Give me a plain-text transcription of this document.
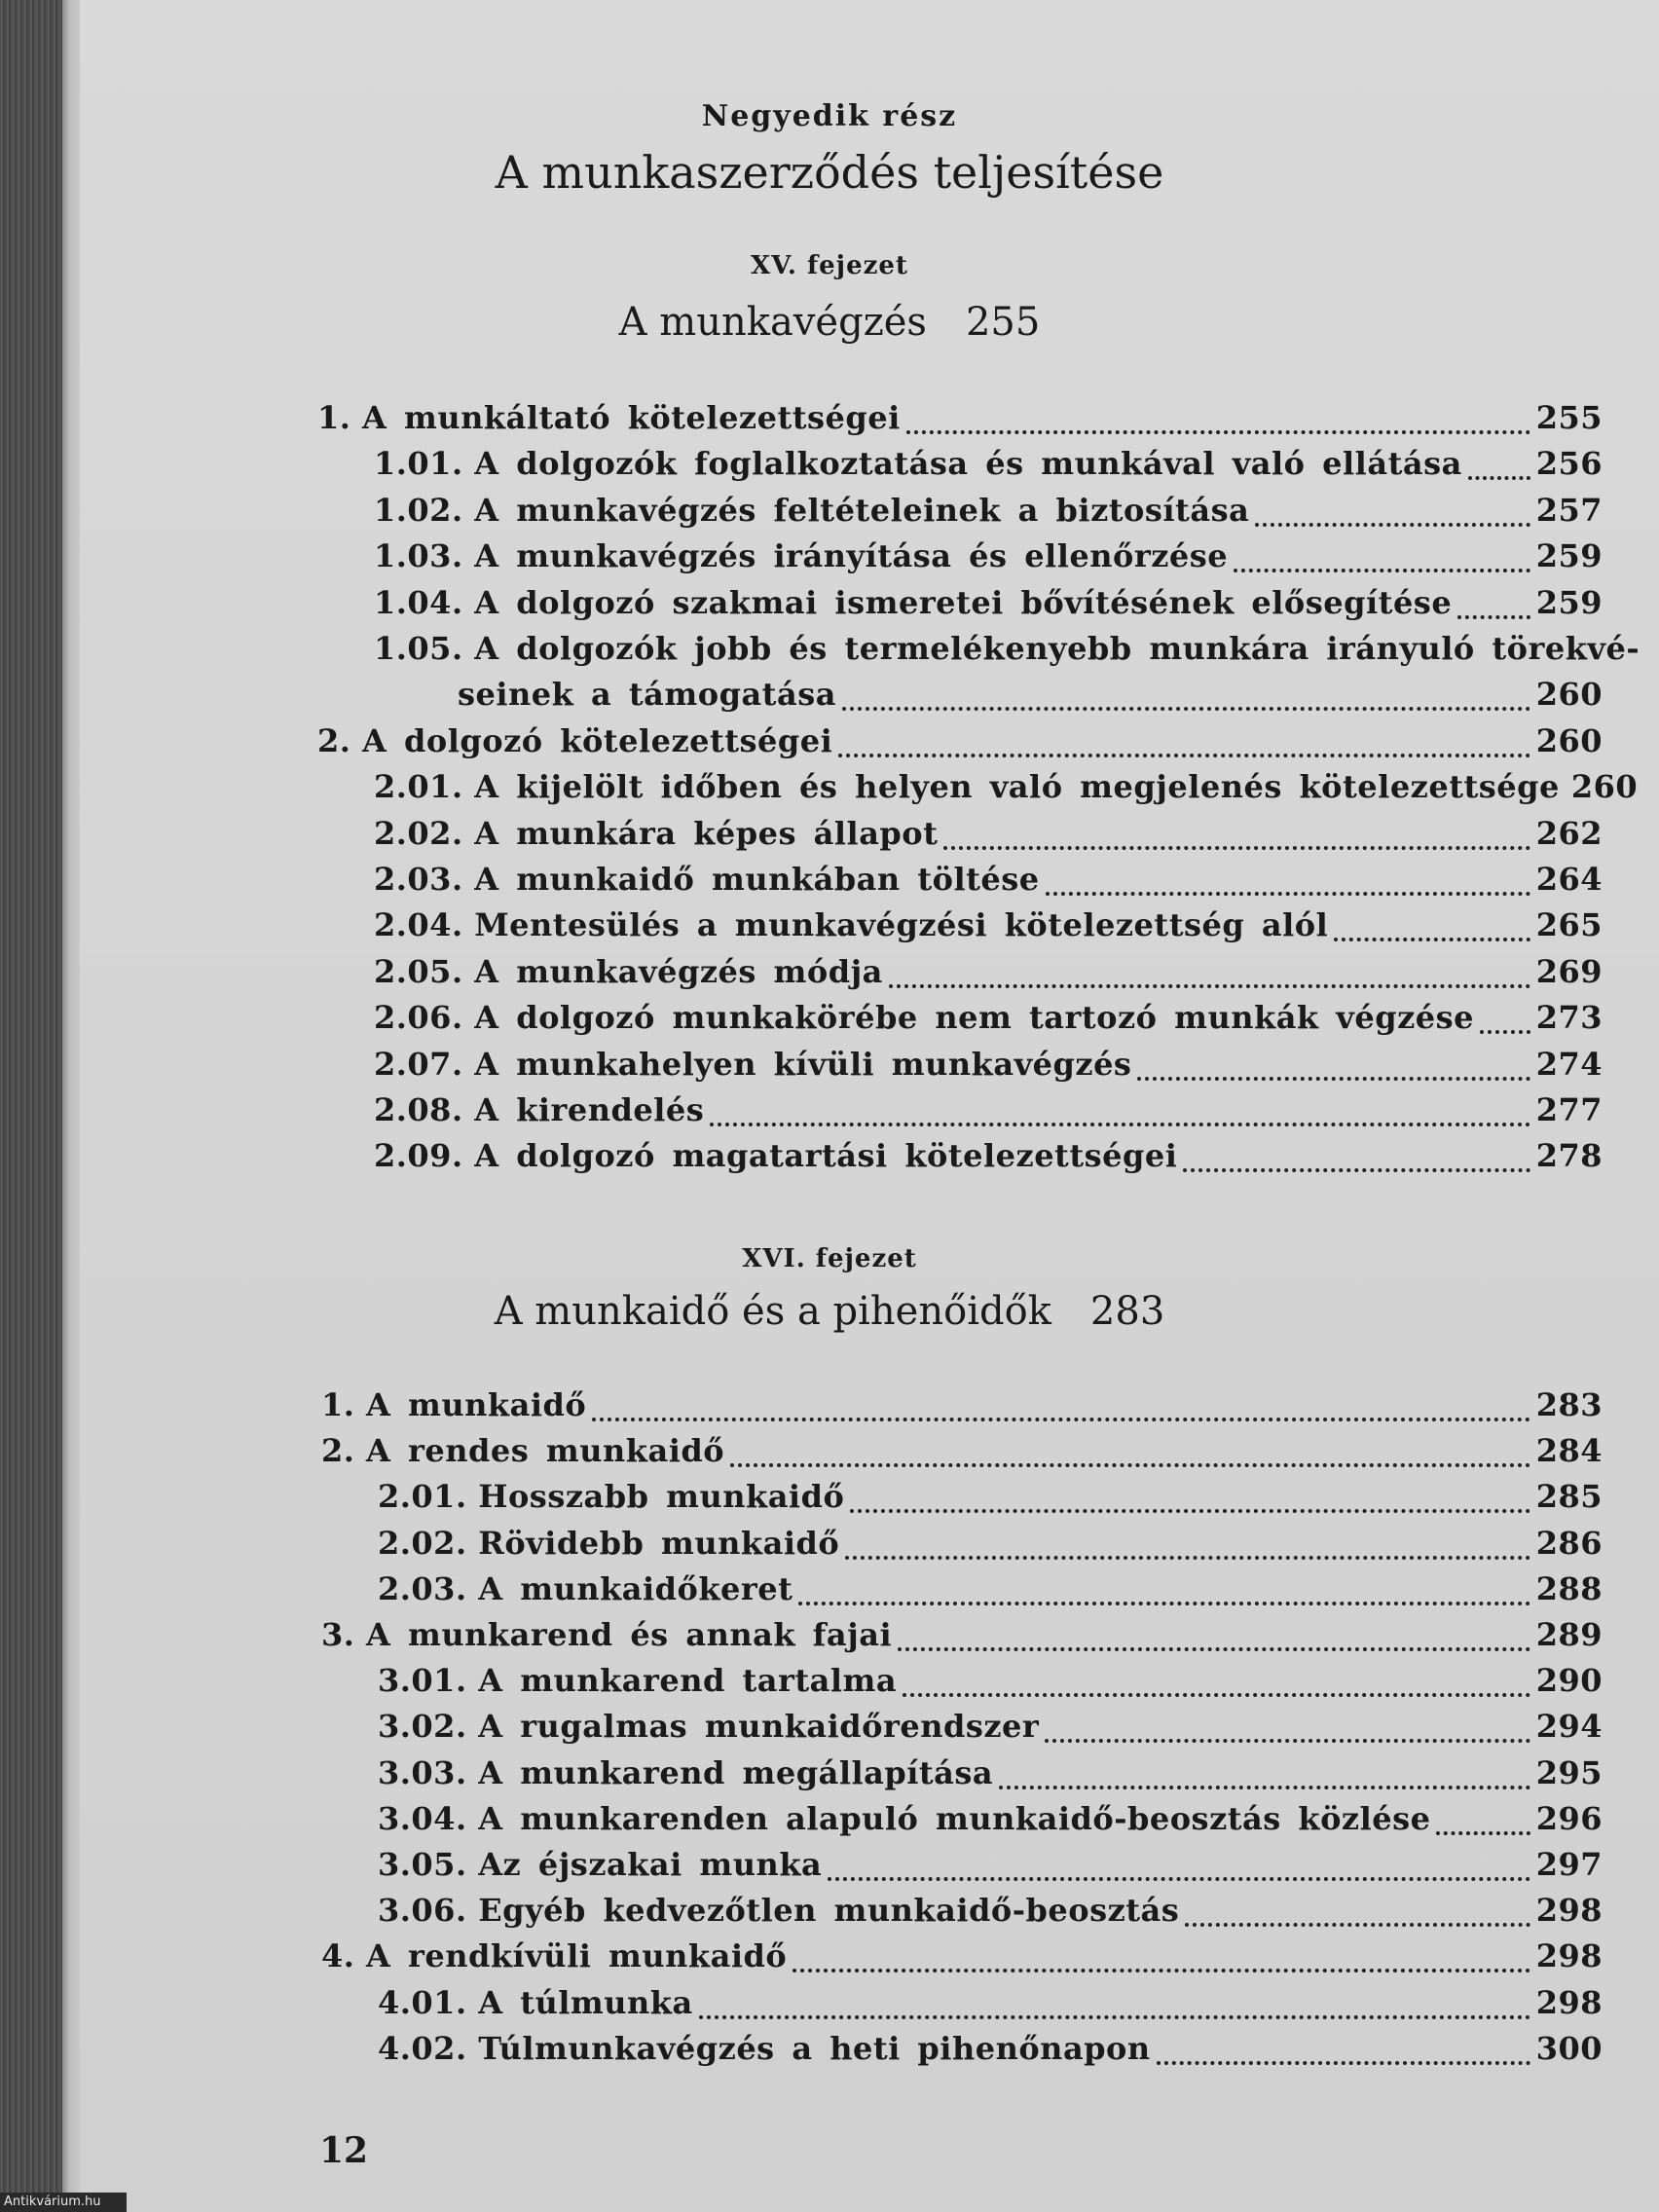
Negyedik rész
A munkaszerződés teljesítése
XV. fejezet
A munkavégzés 255
1. A munkáltató kötelezettségei	255
1.01. A dolgozók foglalkoztatása és munkával való ellátása 256
1.02. A munkavégzés feltételeinek a biztosítása	257
1.03. A munkavégzés irányítása és ellenőrzése	259
1.04. A dolgozó szakmai ismeretei bővítésének elősegítése	259
1.05. A dolgozók jobb és termelékenyebb munkára irányuló törekvé-
seinek a támogatása	260
2. A dolgozó kötelezettségei	260
2.01. A kijelölt időben és helyen való megjelenés kötelezettsége 260
2.02. A munkára képes állapot	262
2.03. A munkaidő munkában töltése	264
2.04. Mentesülés a munkavégzési kötelezettség alól	265
2.05. A munkavégzés módja	269
2.06. A dolgozó munkakörébe nem tartozó munkák végzése 273
2.07. A munkahelyen kívüli munkavégzés	274
2.08. A kirendelés	277
2.09. A dolgozó magatartási kötelezettségei	278
XVI. fejezet
A munkaidő és a pihenőidők 283
1. A munkaidő	283
2. A rendes munkaidő	284
2.01. Hosszabb munkaidő	285
2.02. Rövidebb munkaidő	286
2.03. A munkaidőkeret	288
3. A munkarend és annak fajai	289
3.01. A munkarend tartalma	290
3.02. A rugalmas munkaidőrendszer	294
3.03. A munkarend megállapítása	295
3.04. A munkarenden alapuló munkaidő-beosztás közlése	296
3.05. Az éjszakai munka	297
3.06. Egyéb kedvezőtlen munkaidő-beosztás	298
4. A rendkívüli munkaidő	298
4.01. A túlmunka	298
4.02. Túlmunkavégzés a heti pihenőnapon	300
12
Antikvárium.hu
